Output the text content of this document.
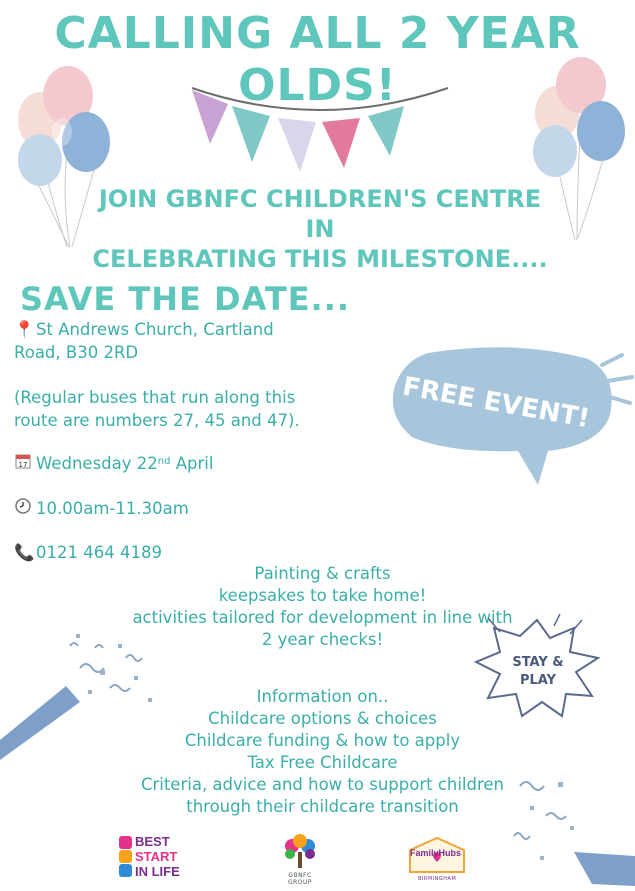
CALLING ALL 2 YEAR
OLDS!
JOIN GBNFC CHILDREN'S CENTRE IN
CELEBRATING THIS MILESTONE....
SAVE THE DATE...
📍St Andrews Church, Cartland
Road, B30 2RD
(Regular buses that run along this
route are numbers 27, 45 and 47).
17 Wednesday 22nd April
10.00am-11.30am
📞0121 464 4189
FREE EVENT!
Painting & crafts
keepsakes to take home!
activities tailored for development in line with
2 year checks!
STAY &
PLAY
Information on..
Childcare options & choices
Childcare funding & how to apply
Tax Free Childcare
Criteria, advice and how to support children
through their childcare transition
BEST
START
IN LIFE	GBNFC GROUP
FamilyHubs
BIRMINGHAM
